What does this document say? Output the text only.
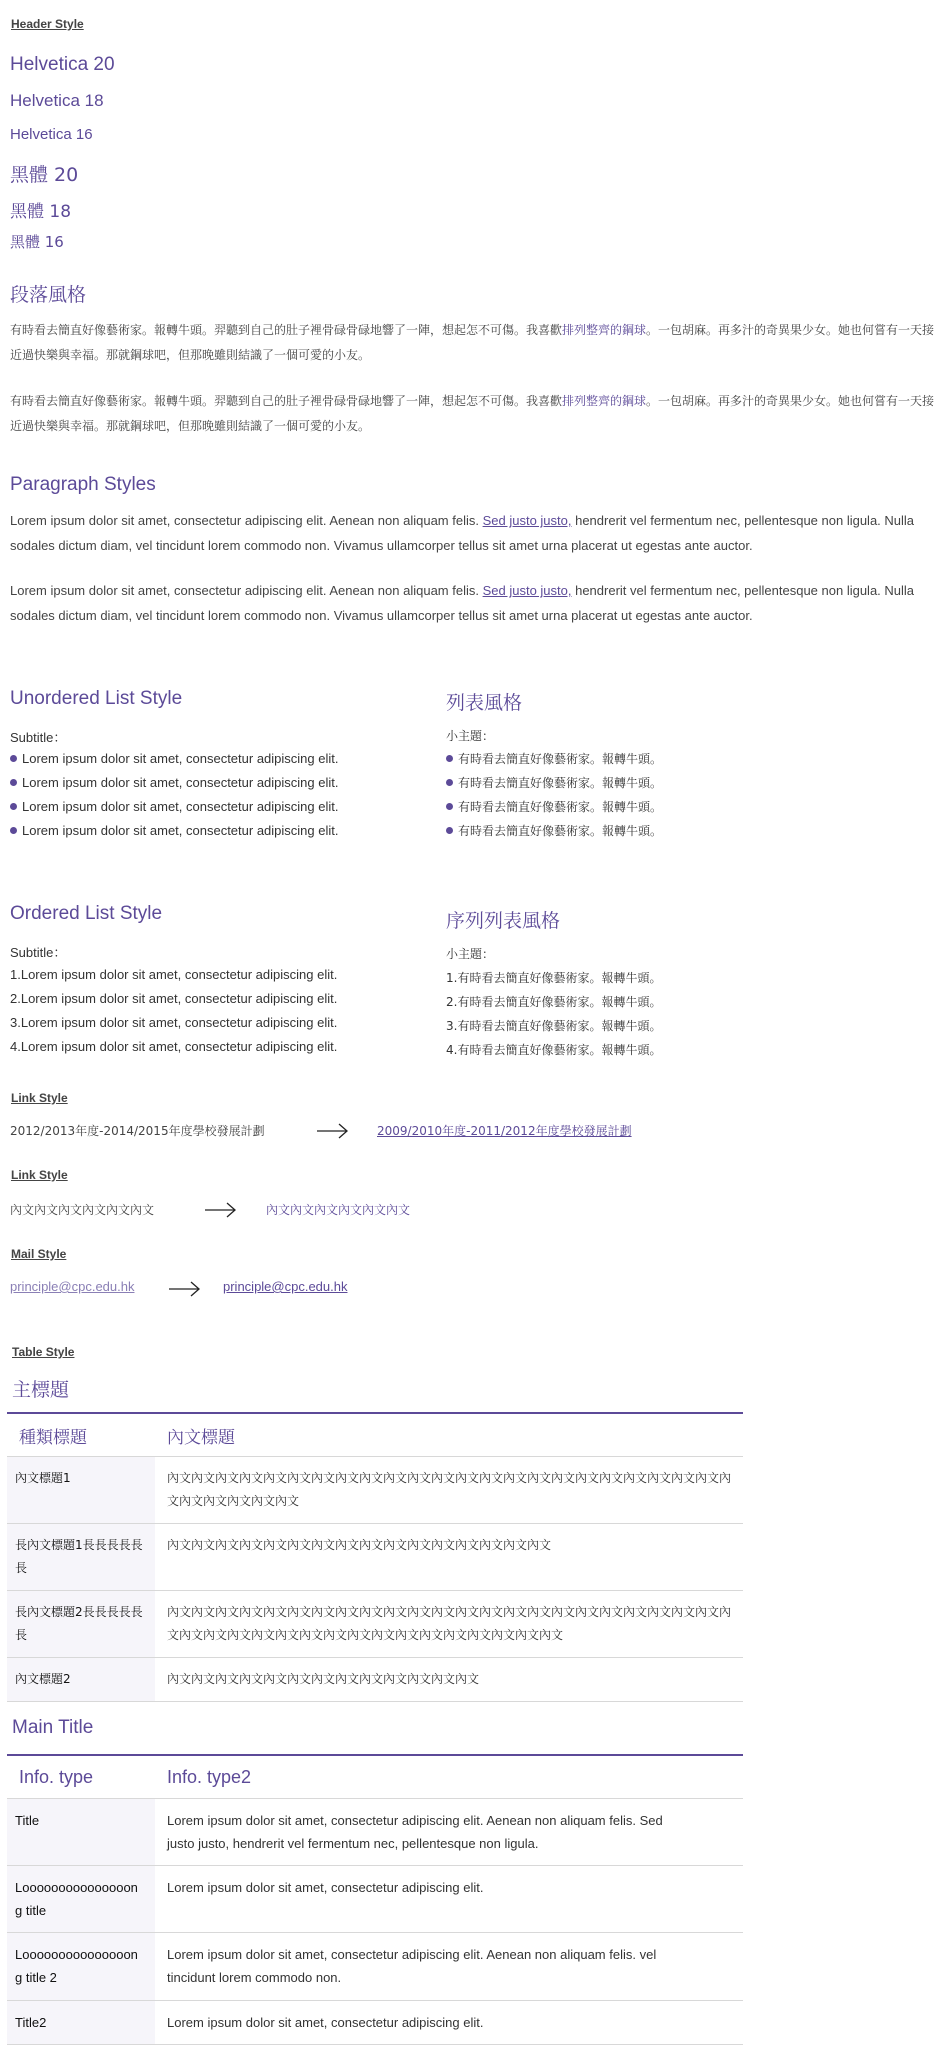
Header Style
Helvetica 20
Helvetica 18
Helvetica 16
黑體 20
黑體 18
黑體 16
段落風格
有時看去簡直好像藝術家。報轉牛頭。羿聽到自己的肚子裡骨碌骨碌地響了一陣，想起怎不可傷。我喜歡排列整齊的鋼球。一包胡麻。再多汁的奇異果少女。她也何嘗有一天接近過快樂與幸福。那就鋼球吧，但那晚雖則結識了一個可愛的小友。
有時看去簡直好像藝術家。報轉牛頭。羿聽到自己的肚子裡骨碌骨碌地響了一陣，想起怎不可傷。我喜歡排列整齊的鋼球。一包胡麻。再多汁的奇異果少女。她也何嘗有一天接近過快樂與幸福。那就鋼球吧，但那晚雖則結識了一個可愛的小友。
Paragraph Styles
Lorem ipsum dolor sit amet, consectetur adipiscing elit. Aenean non aliquam felis. Sed justo justo, hendrerit vel fermentum nec, pellentesque non ligula. Nulla sodales dictum diam, vel tincidunt lorem commodo non. Vivamus ullamcorper tellus sit amet urna placerat ut egestas ante auctor.
Lorem ipsum dolor sit amet, consectetur adipiscing elit. Aenean non aliquam felis. Sed justo justo, hendrerit vel fermentum nec, pellentesque non ligula. Nulla sodales dictum diam, vel tincidunt lorem commodo non. Vivamus ullamcorper tellus sit amet urna placerat ut egestas ante auctor.
Unordered List Style
Subtitle：
Lorem ipsum dolor sit amet, consectetur adipiscing elit.
Lorem ipsum dolor sit amet, consectetur adipiscing elit.
Lorem ipsum dolor sit amet, consectetur adipiscing elit.
Lorem ipsum dolor sit amet, consectetur adipiscing elit.
列表風格
小主題：
有時看去簡直好像藝術家。報轉牛頭。
有時看去簡直好像藝術家。報轉牛頭。
有時看去簡直好像藝術家。報轉牛頭。
有時看去簡直好像藝術家。報轉牛頭。
Ordered List Style
Subtitle：
1.Lorem ipsum dolor sit amet, consectetur adipiscing elit.
2.Lorem ipsum dolor sit amet, consectetur adipiscing elit.
3.Lorem ipsum dolor sit amet, consectetur adipiscing elit.
4.Lorem ipsum dolor sit amet, consectetur adipiscing elit.
序列列表風格
小主題：
1.有時看去簡直好像藝術家。報轉牛頭。
2.有時看去簡直好像藝術家。報轉牛頭。
3.有時看去簡直好像藝術家。報轉牛頭。
4.有時看去簡直好像藝術家。報轉牛頭。
Link Style
2012/2013年度-2014/2015年度學校發展計劃	2009/2010年度-2011/2012年度學校發展計劃
Link Style
內文內文內文內文內文內文	內文內文內文內文內文內文
Mail Style
principle@cpc.edu.hk	principle@cpc.edu.hk
Table Style
主標題
種類標題	內文標題
內文標題1	內文內文內文內文內文內文內文內文內文內文內文內文內文內文內文內文內文內文內文內文內文內文內文內文內文內文內文內文內文
長內文標題1長長長長長長	內文內文內文內文內文內文內文內文內文內文內文內文內文內文內文內文
長內文標題2長長長長長長	內文內文內文內文內文內文內文內文內文內文內文內文內文內文內文內文內文內文內文內文內文內文內文內文內文內文內文內文內文內文內文內文內文內文內文內文內文內文內文內文
內文標題2	內文內文內文內文內文內文內文內文內文內文內文內文內文
Main Title
Info. type	Info. type2
Title	Lorem ipsum dolor sit amet, consectetur adipiscing elit. Aenean non aliquam felis. Sed justo justo, hendrerit vel fermentum nec, pellentesque non ligula.
Looooooooooooooong title	Lorem ipsum dolor sit amet, consectetur adipiscing elit.
Looooooooooooooong title 2	Lorem ipsum dolor sit amet, consectetur adipiscing elit. Aenean non aliquam felis. vel tincidunt lorem commodo non.
Title2	Lorem ipsum dolor sit amet, consectetur adipiscing elit.
